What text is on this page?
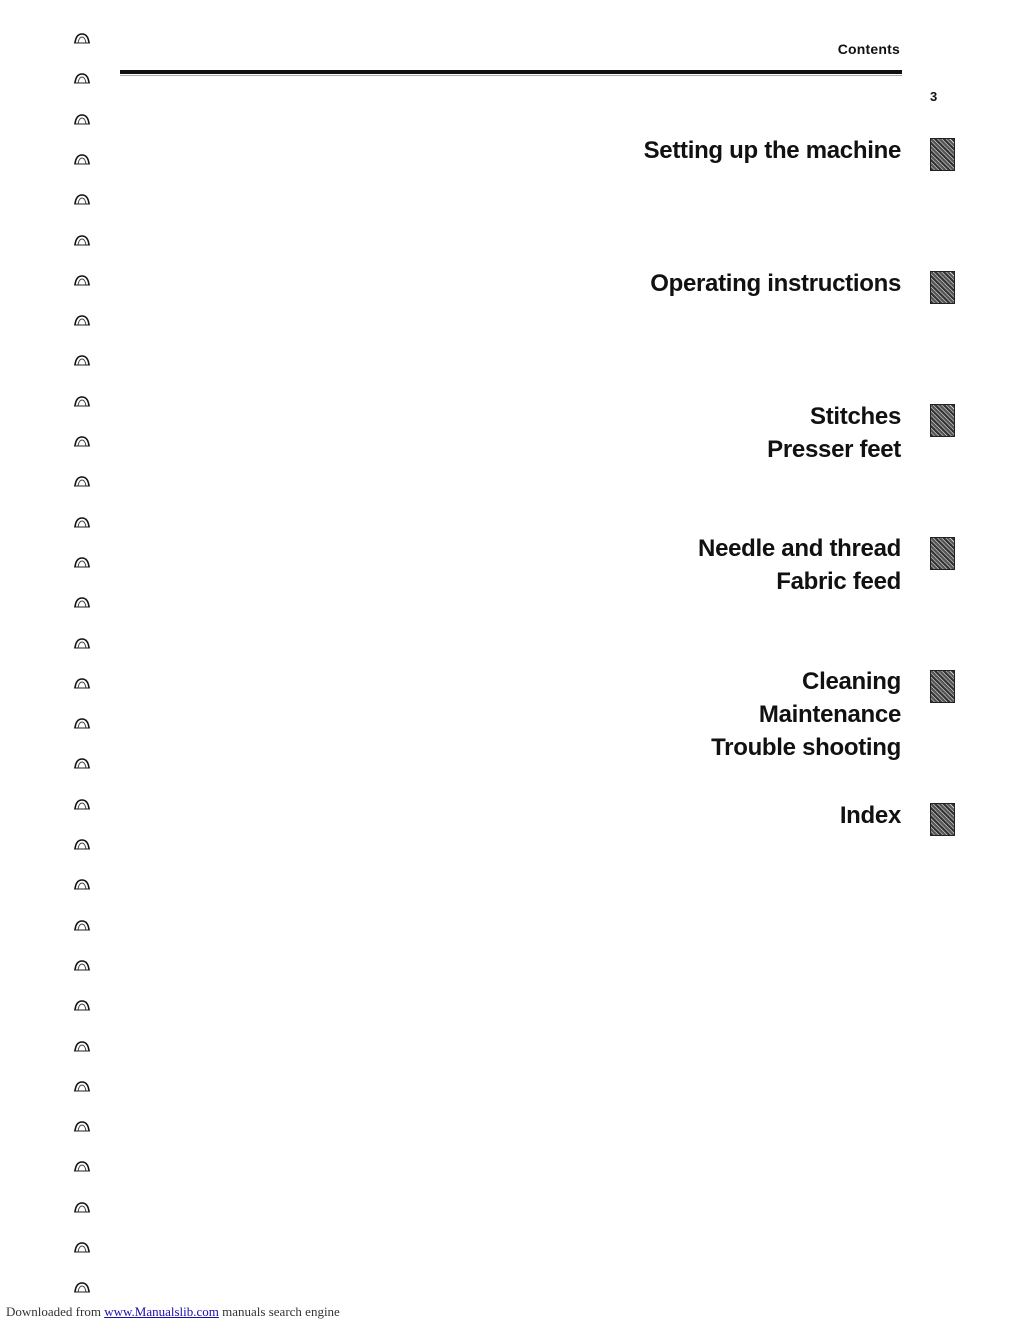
Contents
3
Setting up the machine
Operating instructions
Stitches
Presser feet
Needle and thread
Fabric feed
Cleaning
Maintenance
Trouble shooting
Index
Downloaded from www.Manualslib.com manuals search engine
